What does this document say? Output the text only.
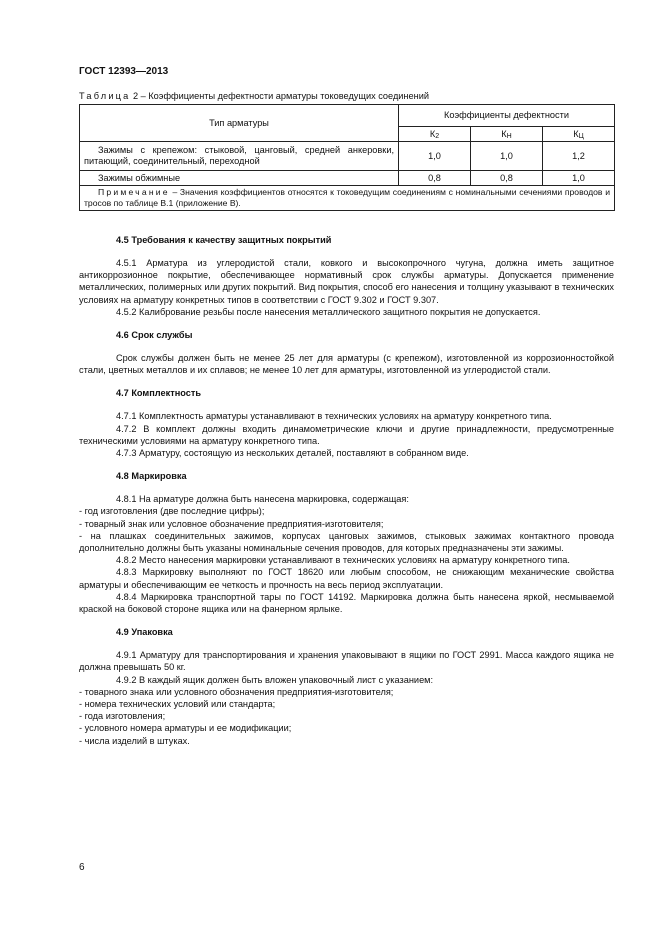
ГОСТ 12393—2013
Таблица 2 – Коэффициенты дефектности арматуры токоведущих соединений
Тип арматуры	Коэффициенты дефектности		
	$К_2$	$К_Н$	$К_Ц$
Зажимы с крепежом: стыковой, цанговый, средней анкеровки, питающий, соединительный, переходной	1,0	1,0	1,2
Зажимы обжимные	0,8	0,8	1,0
Примечание – Значения коэффициентов относятся к токоведущим соединениям с номинальными сечениями проводов и тросов по таблице В.1 (приложение В).			
4.5 Требования к качеству защитных покрытий

4.5.1 Арматура из углеродистой стали, ковкого и высокопрочного чугуна, должна иметь защитное антикоррозионное покрытие, обеспечивающее нормативный срок службы арматуры. Допускается применение металлических, полимерных или других покрытий. Вид покрытия, способ его нанесения и толщину указывают в технических условиях на арматуру конкретных типов в соответствии с ГОСТ 9.302 и ГОСТ 9.307.

4.5.2 Калибрование резьбы после нанесения металлического защитного покрытия не допускается.

4.6 Срок службы

Срок службы должен быть не менее 25 лет для арматуры (с крепежом), изготовленной из коррозионностойкой стали, цветных металлов и их сплавов; не менее 10 лет для арматуры, изготовленной из углеродистой стали.

4.7 Комплектность

4.7.1 Комплектность арматуры устанавливают в технических условиях на арматуру конкретного типа.

4.7.2 В комплект должны входить динамометрические ключи и другие принадлежности, предусмотренные техническими условиями на арматуру конкретного типа.

4.7.3 Арматуру, состоящую из нескольких деталей, поставляют в собранном виде.

4.8 Маркировка

4.8.1 На арматуре должна быть нанесена маркировка, содержащая:

- год изготовления (две последние цифры);

- товарный знак или условное обозначение предприятия-изготовителя;

- на плашках соединительных зажимов, корпусах цанговых зажимов, стыковых зажимах контактного провода дополнительно должны быть указаны номинальные сечения проводов, для которых предназначены эти зажимы.

4.8.2 Место нанесения маркировки устанавливают в технических условиях на арматуру конкретного типа.

4.8.3 Маркировку выполняют по ГОСТ 18620 или любым способом, не снижающим механические свойства арматуры и обеспечивающим ее четкость и прочность на весь период эксплуатации.

4.8.4 Маркировка транспортной тары по ГОСТ 14192. Маркировка должна быть нанесена яркой, несмываемой краской на боковой стороне ящика или на фанерном ярлыке.

4.9 Упаковка

4.9.1 Арматуру для транспортирования и хранения упаковывают в ящики по ГОСТ 2991. Масса каждого ящика не должна превышать 50 кг.

4.9.2 В каждый ящик должен быть вложен упаковочный лист с указанием:

- товарного знака или условного обозначения предприятия-изготовителя;

- номера технических условий или стандарта;

- года изготовления;

- условного номера арматуры и ее модификации;

- числа изделий в штуках.

6
